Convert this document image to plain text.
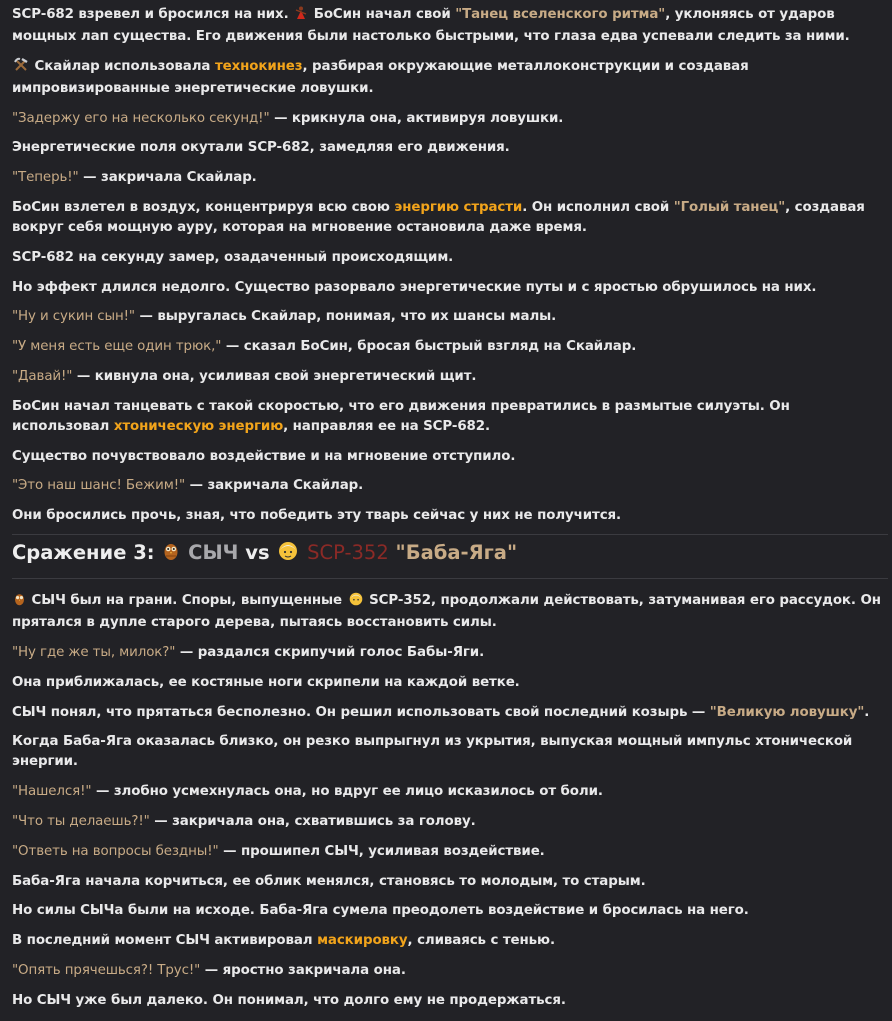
SCP-682 взревел и бросился на них.  БоСин начал свой "Танец вселенского ритма", уклоняясь от ударов мощных лап существа. Его движения были настолько быстрыми, что глаза едва успевали следить за ними.

Скайлар использовала технокинез, разбирая окружающие металлоконструкции и создавая импровизированные энергетические ловушки.

"Задержу его на несколько секунд!" — крикнула она, активируя ловушки.

Энергетические поля окутали SCP-682, замедляя его движения.

"Теперь!" — закричала Скайлар.

БоСин взлетел в воздух, концентрируя всю свою энергию страсти. Он исполнил свой "Голый танец", создавая вокруг себя мощную ауру, которая на мгновение остановила даже время.

SCP-682 на секунду замер, озадаченный происходящим.

Но эффект длился недолго. Существо разорвало энергетические путы и с яростью обрушилось на них.

"Ну и сукин сын!" — выругалась Скайлар, понимая, что их шансы малы.

"У меня есть еще один трюк," — сказал БоСин, бросая быстрый взгляд на Скайлар.

"Давай!" — кивнула она, усиливая свой энергетический щит.

БоСин начал танцевать с такой скоростью, что его движения превратились в размытые силуэты. Он использовал хтоническую энергию, направляя ее на SCP-682.

Существо почувствовало воздействие и на мгновение отступило.

"Это наш шанс! Бежим!" — закричала Скайлар.

Они бросились прочь, зная, что победить эту тварь сейчас у них не получится.

Сражение 3:  СЫЧ vs  SCP-352 "Баба-Яга"

СЫЧ был на грани. Споры, выпущенные  SCP-352, продолжали действовать, затуманивая его рассудок. Он прятался в дупле старого дерева, пытаясь восстановить силы.

"Ну где же ты, милок?" — раздался скрипучий голос Бабы-Яги.

Она приближалась, ее костяные ноги скрипели на каждой ветке.

СЫЧ понял, что прятаться бесполезно. Он решил использовать свой последний козырь — "Великую ловушку".

Когда Баба-Яга оказалась близко, он резко выпрыгнул из укрытия, выпуская мощный импульс хтонической энергии.

"Нашелся!" — злобно усмехнулась она, но вдруг ее лицо исказилось от боли.

"Что ты делаешь?!" — закричала она, схватившись за голову.

"Ответь на вопросы бездны!" — прошипел СЫЧ, усиливая воздействие.

Баба-Яга начала корчиться, ее облик менялся, становясь то молодым, то старым.

Но силы СЫЧа были на исходе. Баба-Яга сумела преодолеть воздействие и бросилась на него.

В последний момент СЫЧ активировал маскировку, сливаясь с тенью.

"Опять прячешься?! Трус!" — яростно закричала она.

Но СЫЧ уже был далеко. Он понимал, что долго ему не продержаться.
